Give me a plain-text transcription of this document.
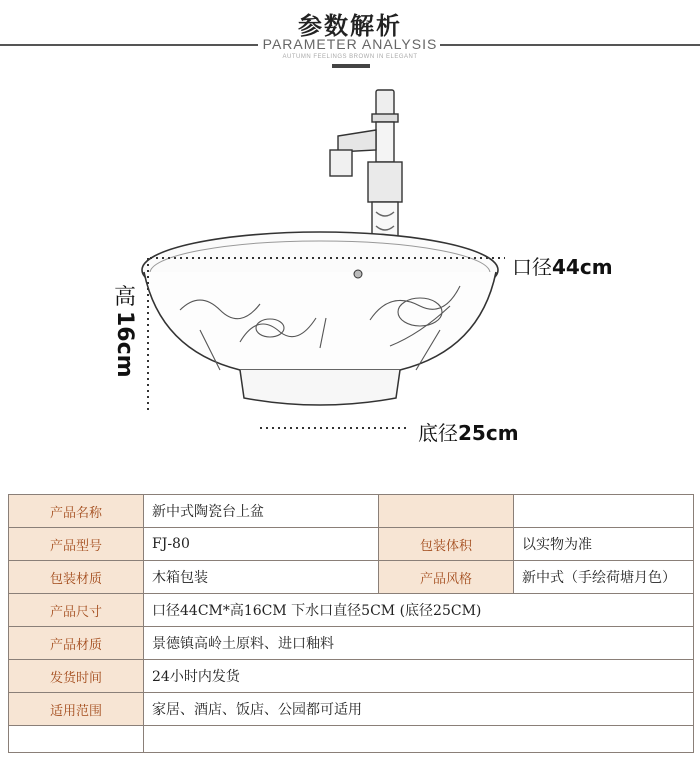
参数解析
PARAMETER ANALYSIS
AUTUMN FEELINGS BROWN IN ELEGANT
口径44cm
高
16cm
底径25cm
产品名称	新中式陶瓷台上盆		
产品型号	FJ-80	包装体积	以实物为准
包装材质	木箱包装	产品风格	新中式（手绘荷塘月色）
产品尺寸	口径44CM*高16CM 下水口直径5CM (底径25CM)		
产品材质	景德镇高岭土原料、进口釉料		
发货时间	24小时内发货		
适用范围	家居、酒店、饭店、公园都可适用		
